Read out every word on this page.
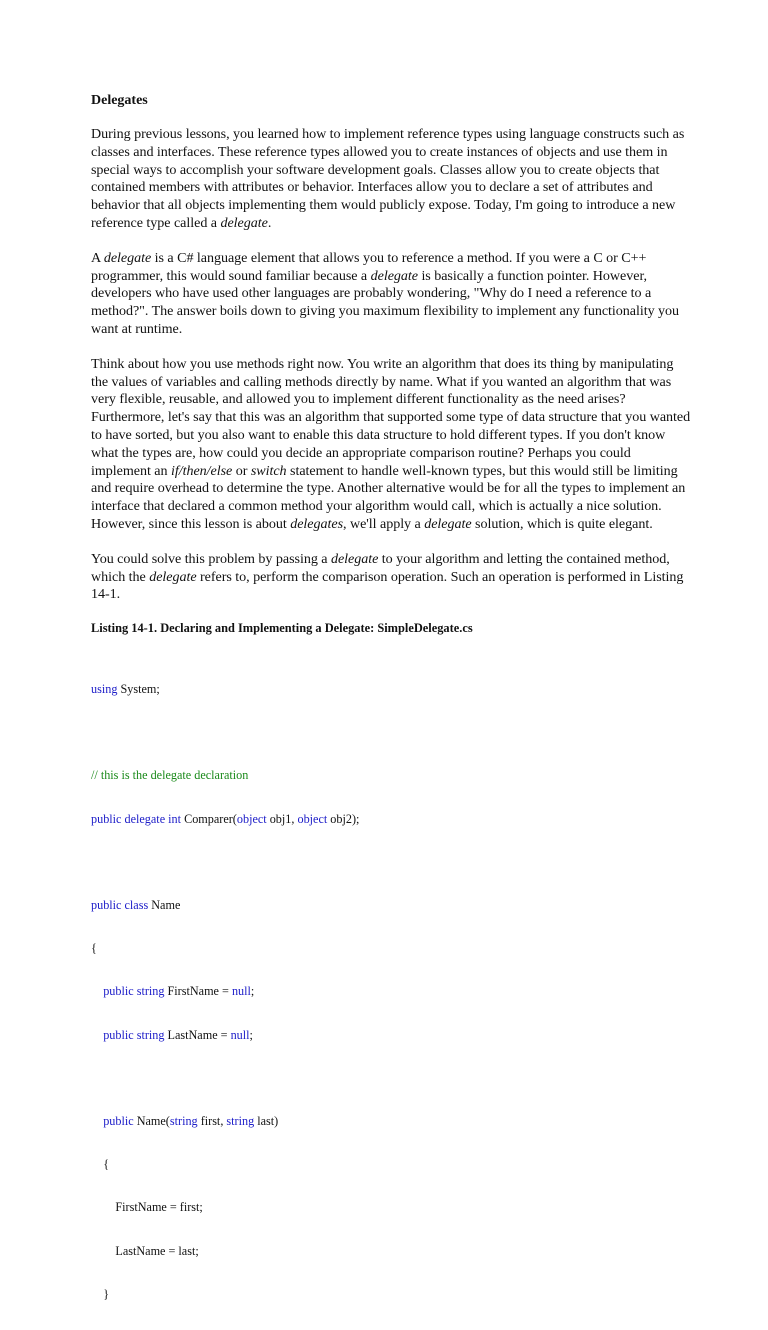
Delegates

During previous lessons, you learned how to implement reference types using language constructs such as classes and interfaces. These reference types allowed you to create instances of objects and use them in special ways to accomplish your software development goals. Classes allow you to create objects that contained members with attributes or behavior. Interfaces allow you to declare a set of attributes and behavior that all objects implementing them would publicly expose. Today, I'm going to introduce a new reference type called a delegate.

A delegate is a C# language element that allows you to reference a method. If you were a C or C++ programmer, this would sound familiar because a delegate is basically a function pointer. However, developers who have used other languages are probably wondering, "Why do I need a reference to a method?". The answer boils down to giving you maximum flexibility to implement any functionality you want at runtime.

Think about how you use methods right now. You write an algorithm that does its thing by manipulating the values of variables and calling methods directly by name. What if you wanted an algorithm that was very flexible, reusable, and allowed you to implement different functionality as the need arises? Furthermore, let's say that this was an algorithm that supported some type of data structure that you wanted to have sorted, but you also want to enable this data structure to hold different types. If you don't know what the types are, how could you decide an appropriate comparison routine? Perhaps you could implement an if/then/else or switch statement to handle well-known types, but this would still be limiting and require overhead to determine the type. Another alternative would be for all the types to implement an interface that declared a common method your algorithm would call, which is actually a nice solution. However, since this lesson is about delegates, we'll apply a delegate solution, which is quite elegant.

You could solve this problem by passing a delegate to your algorithm and letting the contained method, which the delegate refers to, perform the comparison operation. Such an operation is performed in Listing 14-1.

Listing 14-1. Declaring and Implementing a Delegate: SimpleDelegate.cs

using System;

// this is the delegate declaration

public delegate int Comparer(object obj1, object obj2);

public class Name

{

public string FirstName = null;

public string LastName = null;

public Name(string first, string last)

{

FirstName = first;

LastName = last;

}
